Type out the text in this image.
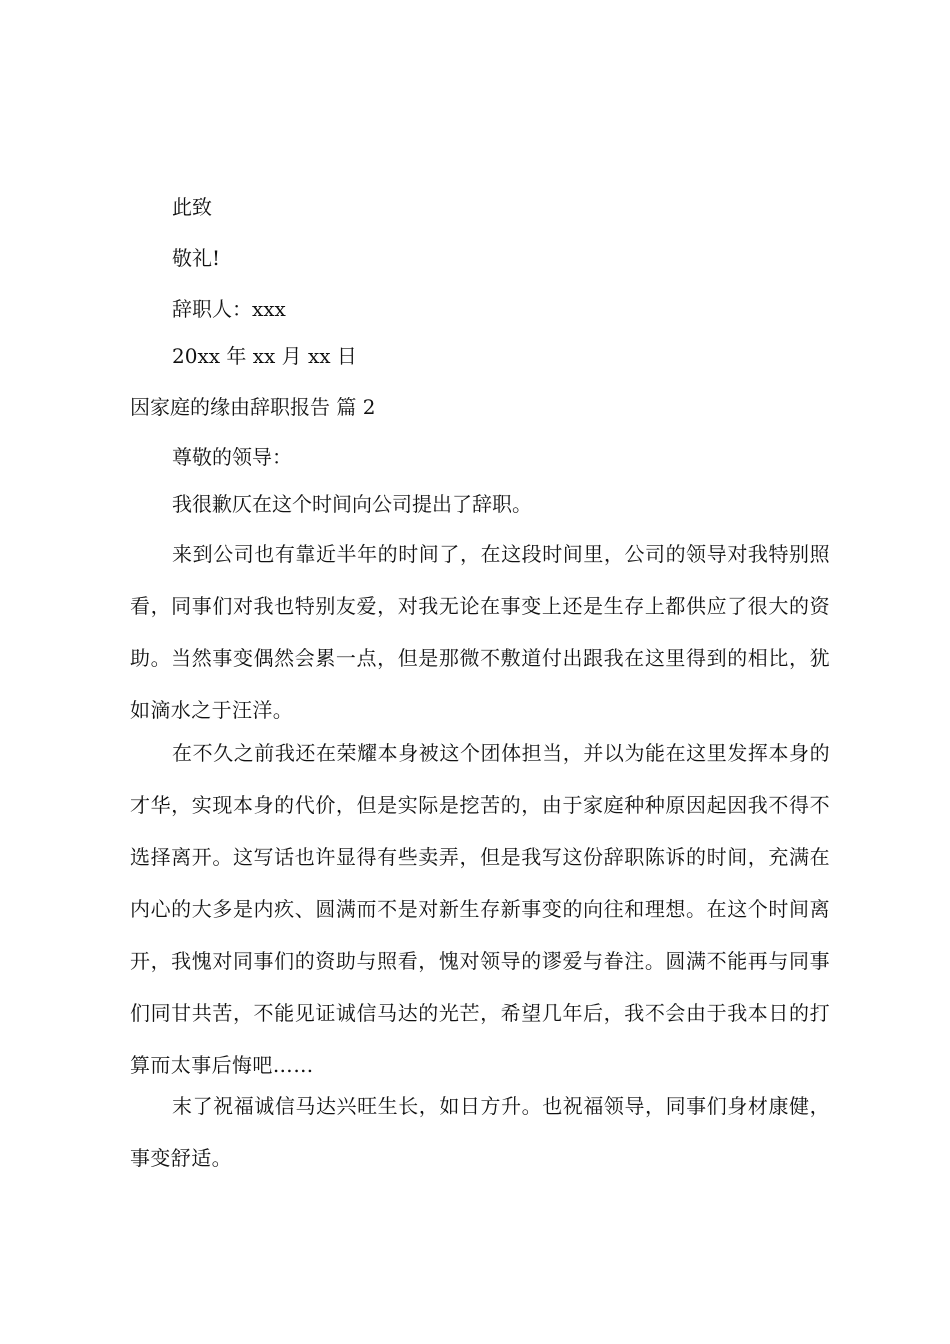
此致
敬礼!
辞职人：xxx
20xx 年 xx 月 xx 日
因家庭的缘由辞职报告 篇 2
尊敬的领导：
我很歉仄在这个时间向公司提出了辞职。
来到公司也有靠近半年的时间了，在这段时间里，公司的领导对我特别照看，同事们对我也特别友爱，对我无论在事变上还是生存上都供应了很大的资助。当然事变偶然会累一点，但是那微不敷道付出跟我在这里得到的相比，犹如滴水之于汪洋。
在不久之前我还在荣耀本身被这个团体担当，并以为能在这里发挥本身的才华，实现本身的代价，但是实际是挖苦的，由于家庭种种原因起因我不得不选择离开。这写话也许显得有些卖弄，但是我写这份辞职陈诉的时间，充满在内心的大多是内疚、圆满而不是对新生存新事变的向往和理想。在这个时间离开，我愧对同事们的资助与照看，愧对领导的谬爱与眷注。圆满不能再与同事们同甘共苦，不能见证诚信马达的光芒，希望几年后，我不会由于我本日的打算而太事后悔吧……
末了祝福诚信马达兴旺生长，如日方升。也祝福领导，同事们身材康健，事变舒适。
